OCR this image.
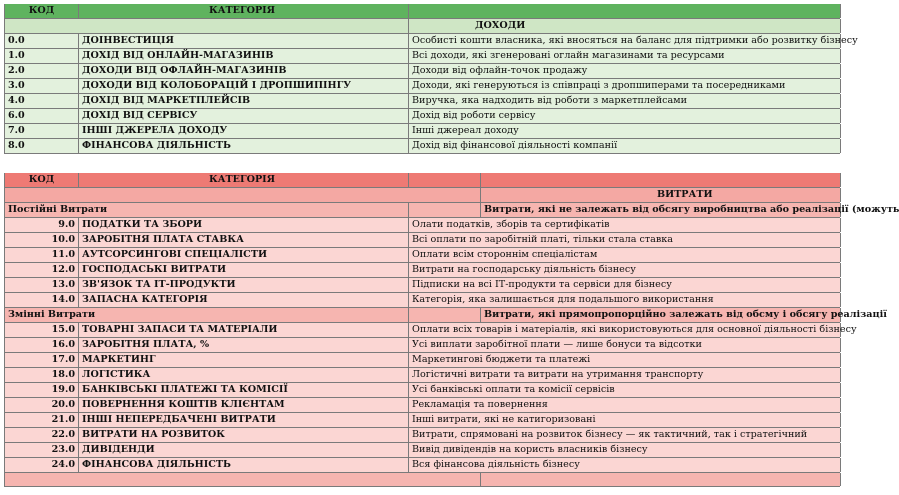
КОД	КАТЕГОРІЯ
ДОХОДИ
0.0	ДОІНВЕСТИЦІЯ	Особисті кошти власника, які вносяться на баланс для підтримки або розвитку бізнесу
1.0	ДОХІД ВІД ОНЛАЙН-МАГАЗИНІВ	Всі доходи, які згенеровані оглайн магазинами та ресурсами
2.0	ДОХОДИ ВІД ОФЛАЙН-МАГАЗИНІВ	Доходи від офлайн-точок продажу
3.0	ДОХОДИ ВІД КОЛОБОРАЦІЙ І ДРОПШИПІНГУ	Доходи, які генеруються із співпраці з дропшиперами та посередниками
4.0	ДОХІД ВІД МАРКЕТПЛЕЙСІВ	Виручка, яка надходить від роботи з маркетплейсами
6.0	ДОХІД ВІД СЕРВІСУ	Дохід від роботи сервісу
7.0	ІНШІ ДЖЕРЕЛА ДОХОДУ	Інші джереал доходу
8.0	ФІНАНСОВА ДІЯЛЬНІСТЬ	Дохід від фінансової діяльності компанії
КОД	КАТЕГОРІЯ
ВИТРАТИ
Постійні Витрати	Витрати, які не залежать від обсягу виробництва або реалізації (можуть
9.0 ПОДАТКИ ТА ЗБОРИ	Олати податків, зборів та сертифікатів
10.0 ЗАРОБІТНЯ ПЛАТА СТАВКА	Всі оплати по заробітній платі, тільки стала ставка
11.0 АУТСОРСИНГОВІ СПЕЦІАЛІСТИ	Оплати всім стороннім спеціалістам
12.0 ГОСПОДАСЬКІ ВИТРАТИ	Витрати на господарську діяльність бізнесу
13.0 ЗВ'ЯЗОК ТА ІТ-ПРОДУКТИ	Підписки на всі ІТ-продукти та сервіси для бізнесу
14.0 ЗАПАСНА КАТЕГОРІЯ	Категорія, яка залишається для подальшого використання
Змінні Витрати	Витрати, які прямопропорційно залежать від обсму і обсягу реалізації
15.0 ТОВАРНІ ЗАПАСИ ТА МАТЕРІАЛИ	Оплати всіх товарів і матеріалів, які використовуються для основної діяльності бізнесу
16.0 ЗАРОБІТНЯ ПЛАТА, %	Усі виплати заробітної плати — лише бонуси та відсотки
17.0 МАРКЕТИНГ	Маркетингові бюджети та платежі
18.0 ЛОГІСТИКА	Логістичні витрати та витрати на утримання транспорту
19.0 БАНКІВСЬКІ ПЛАТЕЖІ ТА КОМІСІЇ	Усі банківські оплати та комісії сервісів
20.0 ПОВЕРНЕННЯ КОШТІВ КЛІЄНТАМ	Рекламація та повернення
21.0 ІНШІ НЕПЕРЕДБАЧЕНІ ВИТРАТИ	Інші витрати, які не катигоризовані
22.0 ВИТРАТИ НА РОЗВИТОК	Витрати, спрямовані на розвиток бізнесу — як тактичний, так і стратегічний
23.0 ДИВІДЕНДИ	Вивід дивідендів на користь власників бізнесу
24.0 ФІНАНСОВА ДІЯЛЬНІСТЬ	Вся фінансова діяльність бізнесу
